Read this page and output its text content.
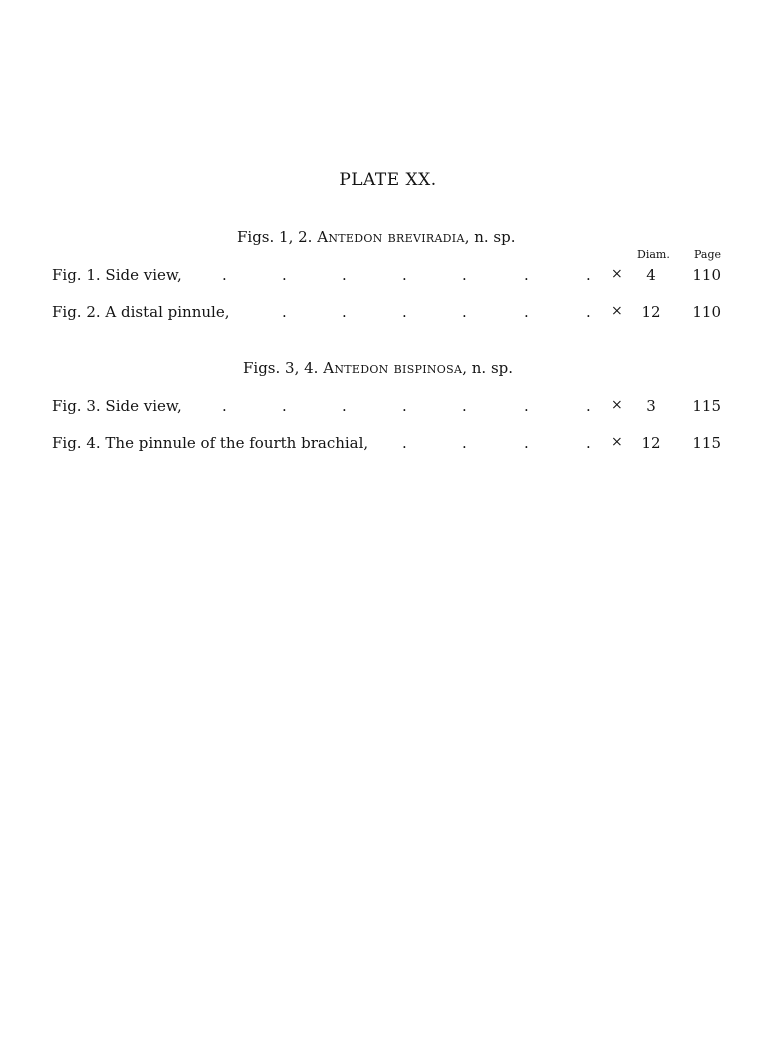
PLATE XX.
Figs. 1, 2. Antedon breviradia, n. sp.
Diam. Page
Fig. 1. Side view,	.	.	.	.	.	.	. ×	4	110
Fig. 2. A distal pinnule,	.	.	.	.	.	. ×	12	110
Figs. 3, 4. Antedon bispinosa, n. sp.
Fig. 3. Side view,	.	.	.	.	.	.	. ×	3	115
Fig. 4. The pinnule of the fourth brachial, .	.	.	. ×	12	115
